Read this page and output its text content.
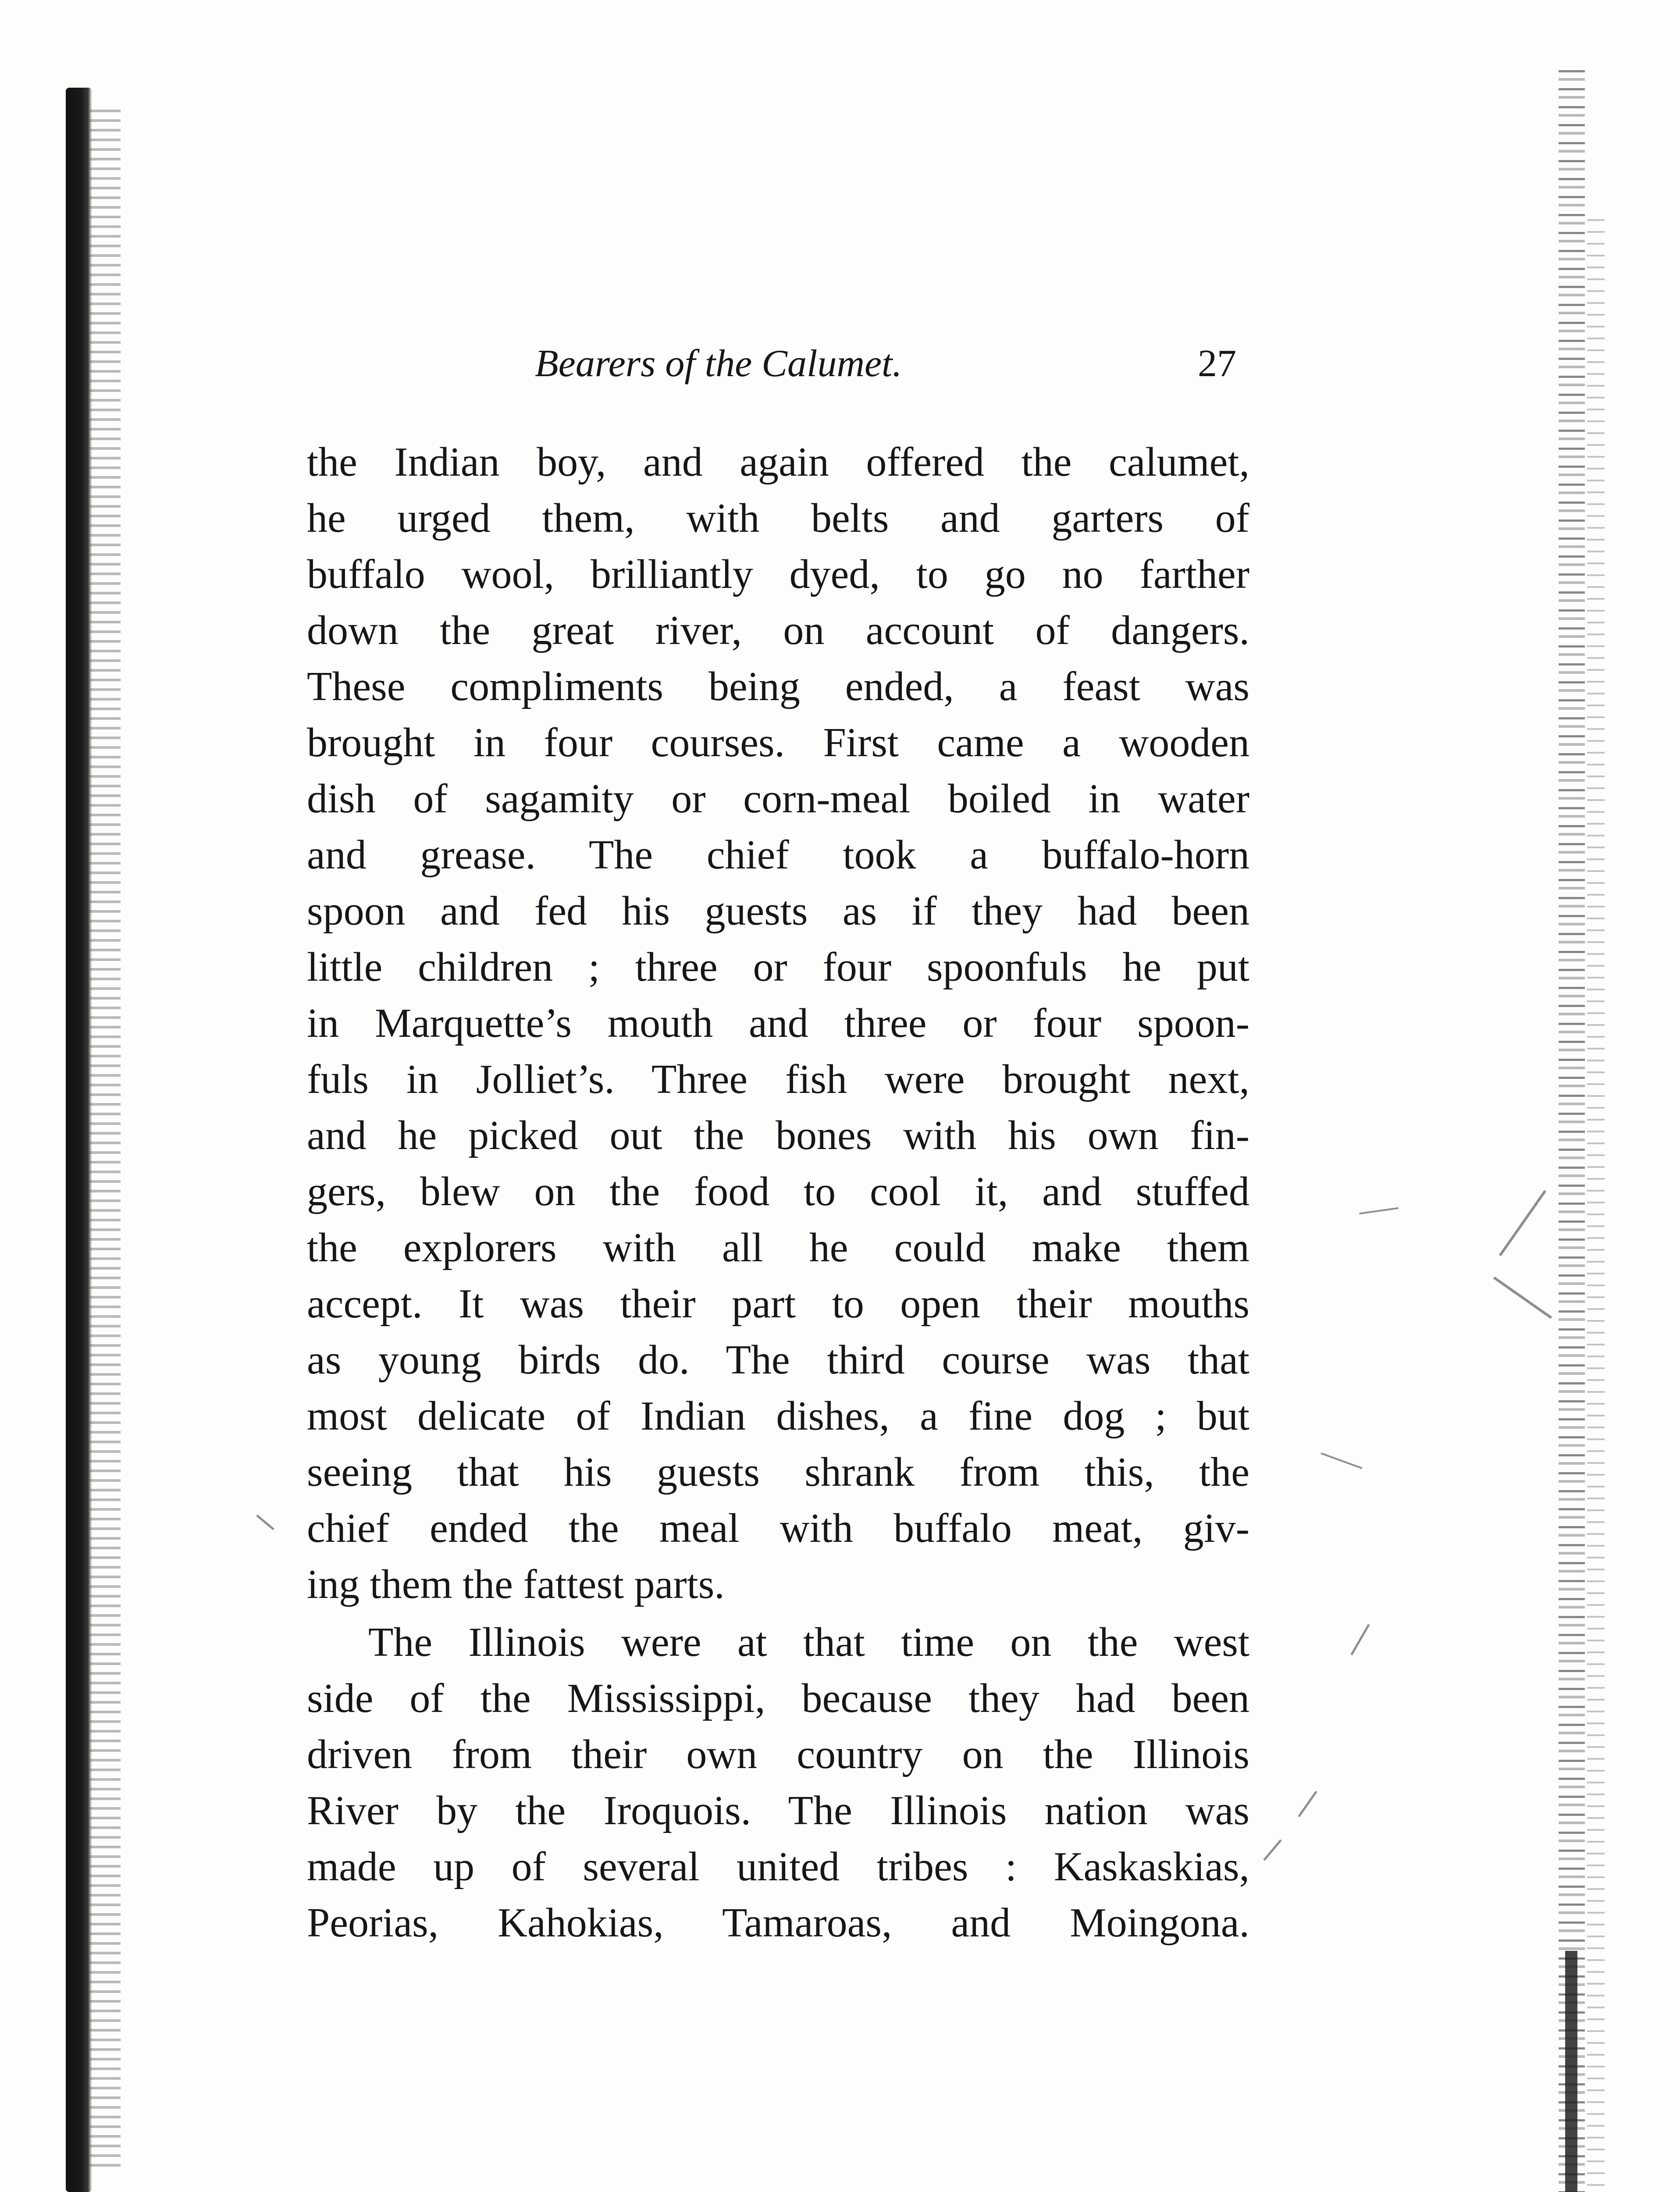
Bearers of the Calumet.	27
the Indian boy, and again offered the calumet,
he urged them, with belts and garters of
buffalo wool, brilliantly dyed, to go no farther
down the great river, on account of dangers.
These compliments being ended, a feast was
brought in four courses. First came a wooden
dish of sagamity or corn-meal boiled in water
and grease. The chief took a buffalo-horn
spoon and fed his guests as if they had been
little children ; three or four spoonfuls he put
in Marquette’s mouth and three or four spoon-
fuls in Jolliet’s. Three fish were brought next,
and he picked out the bones with his own fin-
gers, blew on the food to cool it, and stuffed
the explorers with all he could make them
accept. It was their part to open their mouths
as young birds do. The third course was that
most delicate of Indian dishes, a fine dog ; but
seeing that his guests shrank from this, the
chief ended the meal with buffalo meat, giv-
ing them the fattest parts.
The Illinois were at that time on the west
side of the Mississippi, because they had been
driven from their own country on the Illinois
River by the Iroquois. The Illinois nation was
made up of several united tribes : Kaskaskias,
Peorias, Kahokias, Tamaroas, and Moingona.
